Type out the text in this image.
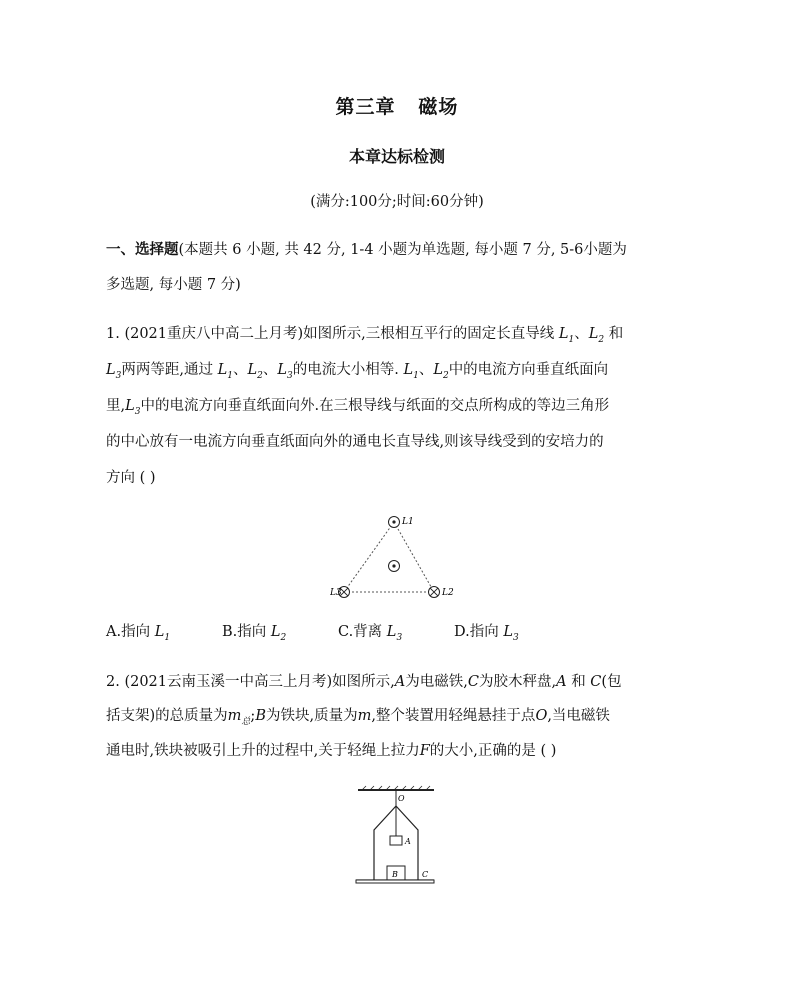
第三章 磁场
本章达标检测
(满分:100分;时间:60分钟)
一、选择题(本题共 6 小题, 共 42 分, 1-4 小题为单选题, 每小题 7 分, 5-6小题为
多选题, 每小题 7 分)
1. (2021重庆八中高二上月考)如图所示,三根相互平行的固定长直导线 $L_1$、$L_2$ 和
$L_3$两两等距,通过 $L_1$、$L_2$、$L_3$的电流大小相等. $L_1$、$L_2$中的电流方向垂直纸面向
里$,L_3$中的电流方向垂直纸面向外.在三根导线与纸面的交点所构成的等边三角形
的中心放有一电流方向垂直纸面向外的通电长直导线,则该导线受到的安培力的
方向 ( )
L1
L2
L3
A.指向 $L_1$	B.指向 $L_2$	C.背离 $L_3$	D.指向 $L_3$
2. (2021云南玉溪一中高三上月考)如图所示,A为电磁铁,C为胶木秤盘,A 和 C(包
括支架)的总质量为$m_总;B$为铁块,质量为m,整个装置用轻绳悬挂于点O,当电磁铁
通电时,铁块被吸引上升的过程中,关于轻绳上拉力F的大小,正确的是 ( )
O
A
B	C
